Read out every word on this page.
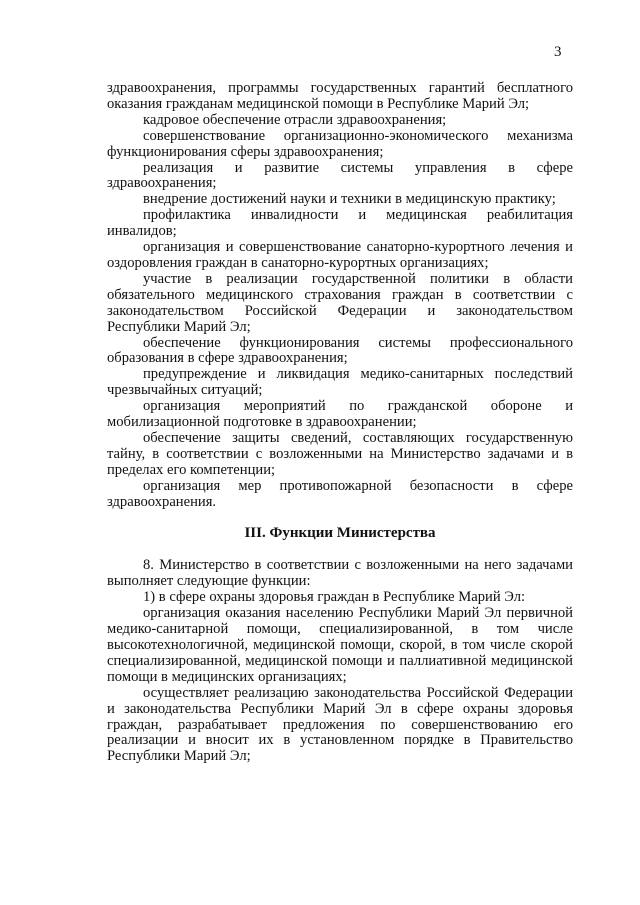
3

здравоохранения, программы государственных гарантий бесплатного оказания гражданам медицинской помощи в Республике Марий Эл;

кадровое обеспечение отрасли здравоохранения;

совершенствование организационно-экономического механизма функционирования сферы здравоохранения;

реализация и развитие системы управления в сфере здравоохранения;

внедрение достижений науки и техники в медицинскую практику;

профилактика инвалидности и медицинская реабилитация инвалидов;

организация и совершенствование санаторно-курортного лечения и оздоровления граждан в санаторно-курортных организациях;

участие в реализации государственной политики в области обязательного медицинского страхования граждан в соответствии с законодательством Российской Федерации и законодательством Республики Марий Эл;

обеспечение функционирования системы профессионального образования в сфере здравоохранения;

предупреждение и ликвидация медико-санитарных последствий чрезвычайных ситуаций;

организация мероприятий по гражданской обороне и мобилизационной подготовке в здравоохранении;

обеспечение защиты сведений, составляющих государственную тайну, в соответствии с возложенными на Министерство задачами и в пределах его компетенции;

организация мер противопожарной безопасности в сфере здравоохранения.

III. Функции Министерства

8. Министерство в соответствии с возложенными на него задачами выполняет следующие функции:

1) в сфере охраны здоровья граждан в Республике Марий Эл:

организация оказания населению Республики Марий Эл первичной медико-санитарной помощи, специализированной, в том числе высокотехнологичной, медицинской помощи, скорой, в том числе скорой специализированной, медицинской помощи и паллиативной медицинской помощи в медицинских организациях;

осуществляет реализацию законодательства Российской Федерации и законодательства Республики Марий Эл в сфере охраны здоровья граждан, разрабатывает предложения по совершенствованию его реализации и вносит их в установленном порядке в Правительство Республики Марий Эл;
